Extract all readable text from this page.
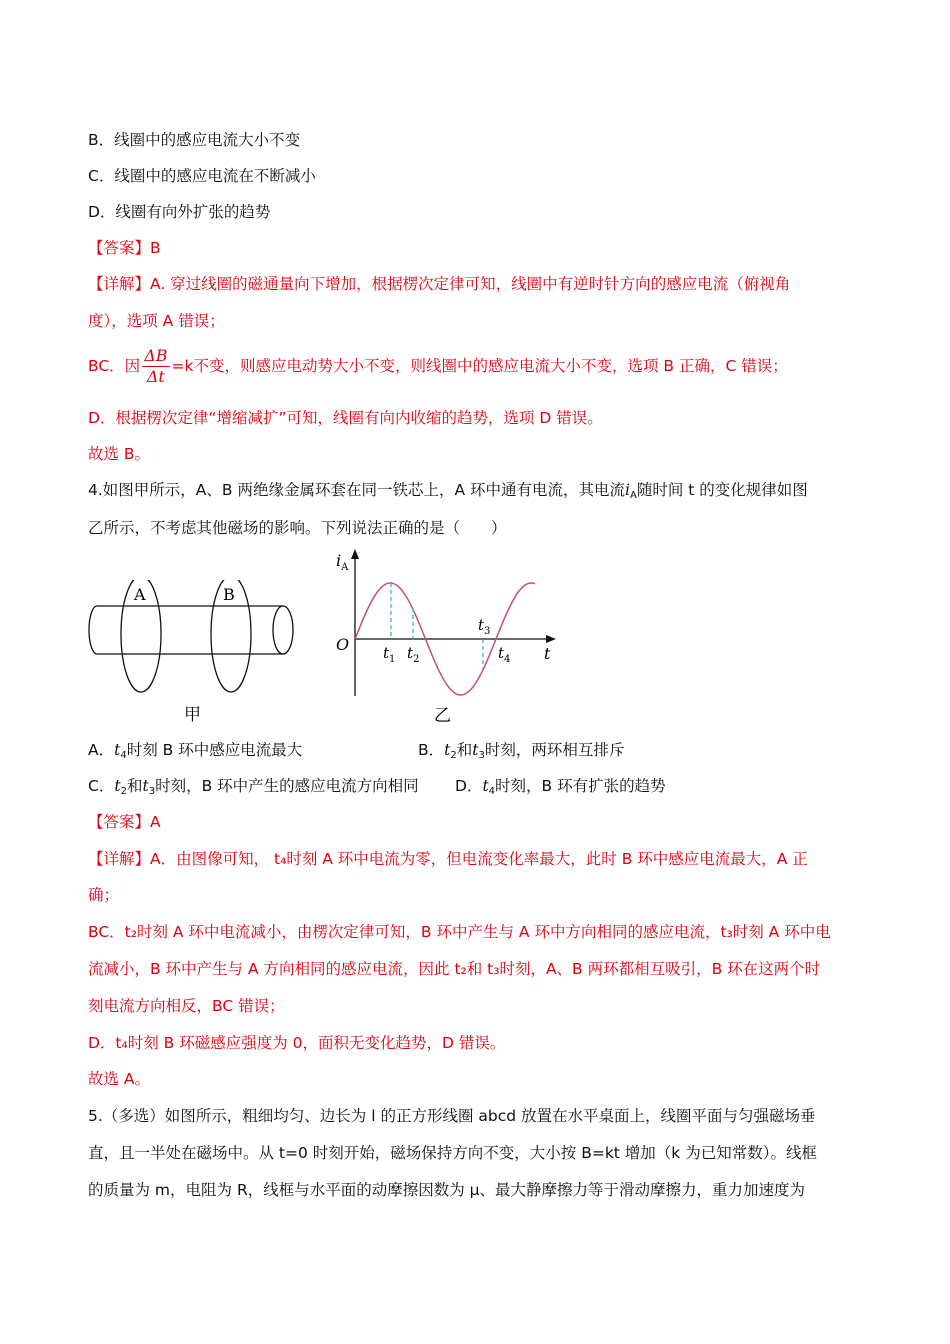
B．线圈中的感应电流大小不变
C．线圈中的感应电流在不断减小
D．线圈有向外扩张的趋势
【答案】B
【详解】A. 穿过线圈的磁通量向下增加，根据楞次定律可知，线圈中有逆时针方向的感应电流（俯视角
度），选项 A 错误；
BC．因 $\frac{\Delta B}{\Delta t} =k$不变，则感应电动势大小不变，则线圈中的感应电流大小不变，选项 B 正确，C 错误；
D．根据楞次定律“增缩减扩”可知，线圈有向内收缩的趋势，选项 D 错误。
故选 B。
4.如图甲所示，A、B 两绝缘金属环套在同一铁芯上，A 环中通有电流，其电流$i_A$随时间 t 的变化规律如图
乙所示，不考虑其他磁场的影响。下列说法正确的是（　　）
A	B
甲
$i_A$
O	t
$t_1$ $t_2$
$t_3$
$t_4$
乙
A．$t_4$时刻 B 环中感应电流最大	B．$t_2$和$t_3$时刻，两环相互排斥
C．$t_2$和$t_3$时刻，B 环中产生的感应电流方向相同 D．$t_4$时刻，B 环有扩张的趋势
【答案】A
【详解】A．由图像可知， t₄时刻 A 环中电流为零，但电流变化率最大，此时 B 环中感应电流最大，A 正
确；
BC．t₂时刻 A 环中电流减小，由楞次定律可知，B 环中产生与 A 环中方向相同的感应电流，t₃时刻 A 环中电
流减小，B 环中产生与 A 方向相同的感应电流，因此 t₂和 t₃时刻，A、B 两环都相互吸引，B 环在这两个时
刻电流方向相反，BC 错误；
D．t₄时刻 B 环磁感应强度为 0，面积无变化趋势，D 错误。
故选 A。
5.（多选）如图所示，粗细均匀、边长为 l 的正方形线圈 abcd 放置在水平桌面上，线圈平面与匀强磁场垂
直，且一半处在磁场中。从 t=0 时刻开始，磁场保持方向不变，大小按 B=kt 增加（k 为已知常数）。线框
的质量为 m，电阻为 R，线框与水平面的动摩擦因数为 μ、最大静摩擦力等于滑动摩擦力，重力加速度为
